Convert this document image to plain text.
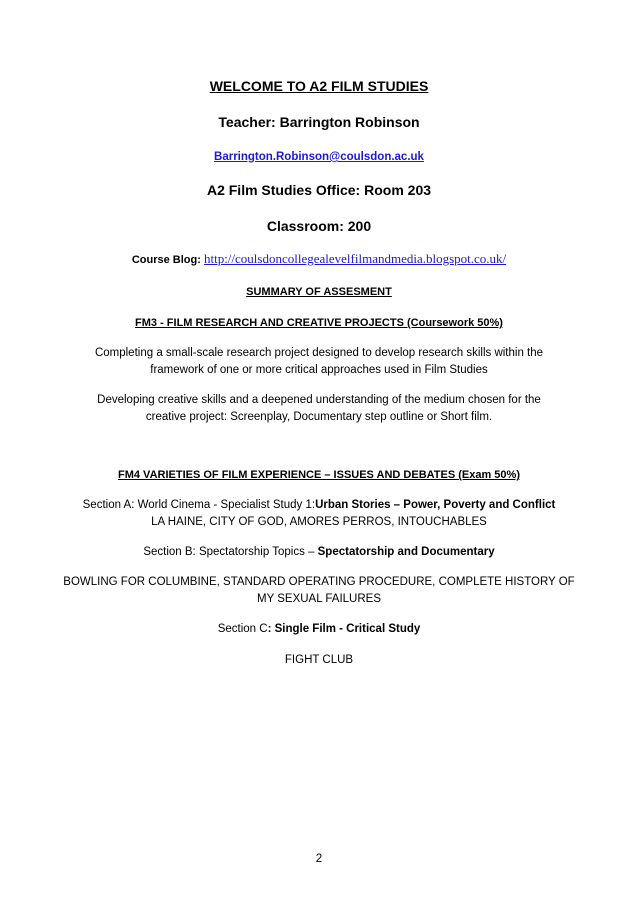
WELCOME TO A2 FILM STUDIES
Teacher: Barrington Robinson
Barrington.Robinson@coulsdon.ac.uk
A2 Film Studies Office: Room 203
Classroom: 200
Course Blog: http://coulsdoncollegealevelfilmandmedia.blogspot.co.uk/
SUMMARY OF ASSESMENT
FM3 - FILM RESEARCH AND CREATIVE PROJECTS (Coursework 50%)
Completing a small-scale research project designed to develop research skills within the
framework of one or more critical approaches used in Film Studies
Developing creative skills and a deepened understanding of the medium chosen for the
creative project: Screenplay, Documentary step outline or Short film.
FM4 VARIETIES OF FILM EXPERIENCE – ISSUES AND DEBATES (Exam 50%)
Section A: World Cinema - Specialist Study 1:Urban Stories – Power, Poverty and Conflict
LA HAINE, CITY OF GOD, AMORES PERROS, INTOUCHABLES
Section B: Spectatorship Topics – Spectatorship and Documentary
BOWLING FOR COLUMBINE, STANDARD OPERATING PROCEDURE, COMPLETE HISTORY OF
MY SEXUAL FAILURES
Section C: Single Film - Critical Study
FIGHT CLUB
2
